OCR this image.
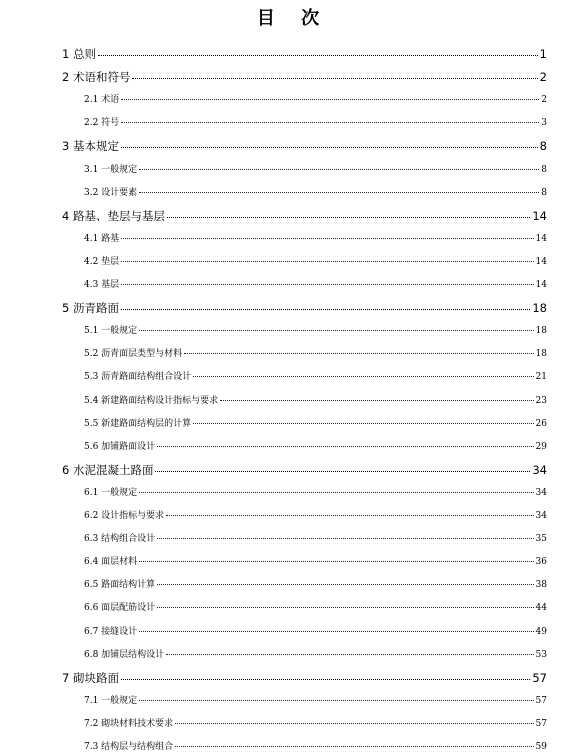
目 次
1 总则	1
2 术语和符号	2
2.1 术语	2
2.2 符号	3
3 基本规定	8
3.1 一般规定	8
3.2 设计要素	8
4 路基、垫层与基层	14
4.1 路基	14
4.2 垫层	14
4.3 基层	14
5 沥青路面	18
5.1 一般规定	18
5.2 沥青面层类型与材料	18
5.3 沥青路面结构组合设计	21
5.4 新建路面结构设计指标与要求	23
5.5 新建路面结构层的计算	26
5.6 加铺路面设计	29
6 水泥混凝土路面	34
6.1 一般规定	34
6.2 设计指标与要求	34
6.3 结构组合设计	35
6.4 面层材料	36
6.5 路面结构计算	38
6.6 面层配筋设计	44
6.7 接缝设计	49
6.8 加铺层结构设计	53
7 砌块路面	57
7.1 一般规定	57
7.2 砌块材料技术要求	57
7.3 结构层与结构组合	59
